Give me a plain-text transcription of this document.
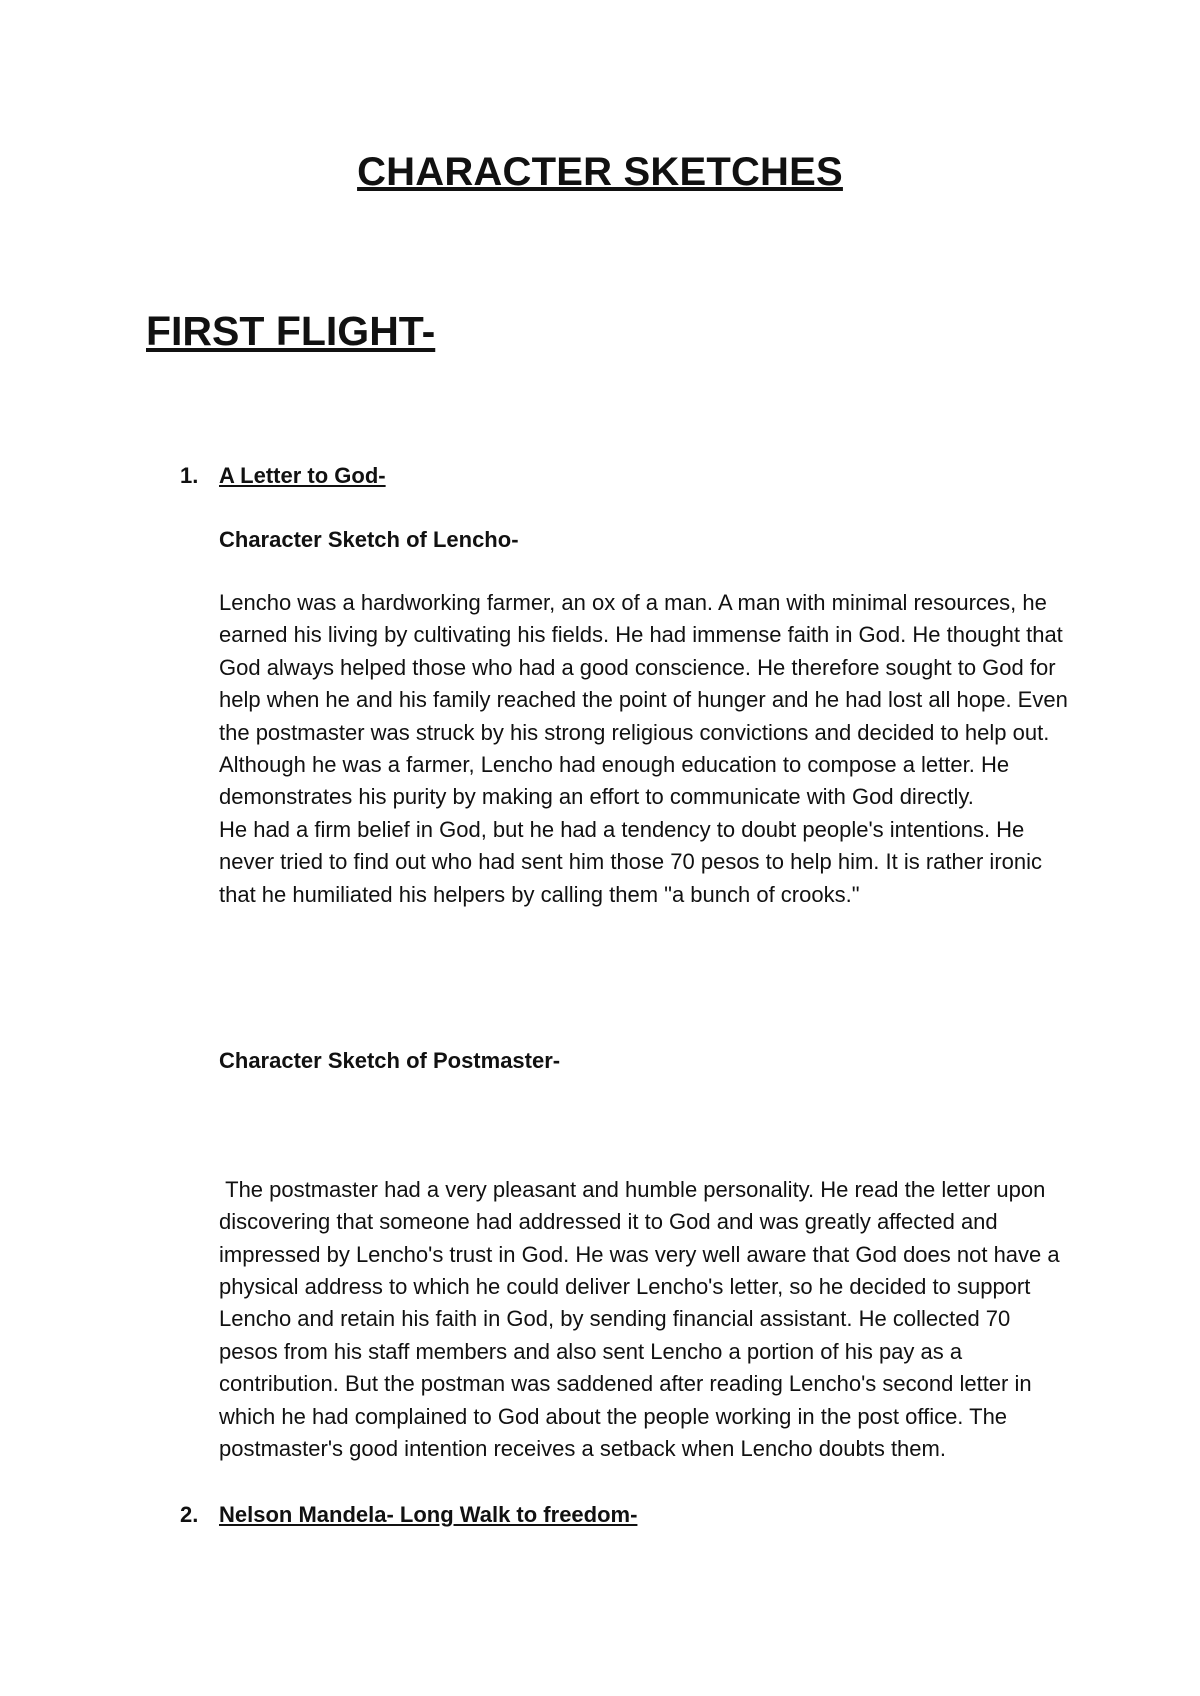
CHARACTER SKETCHES
FIRST FLIGHT-
1. A Letter to God-
Character Sketch of Lencho-

Lencho was a hardworking farmer, an ox of a man. A man with minimal resources, he earned his living by cultivating his fields. He had immense faith in God. He thought that God always helped those who had a good conscience. He therefore sought to God for help when he and his family reached the point of hunger and he had lost all hope. Even the postmaster was struck by his strong religious convictions and decided to help out. Although he was a farmer, Lencho had enough education to compose a letter. He demonstrates his purity by making an effort to communicate with God directly.

He had a firm belief in God, but he had a tendency to doubt people's intentions. He never tried to find out who had sent him those 70 pesos to help him. It is rather ironic that he humiliated his helpers by calling them "a bunch of crooks."

Character Sketch of Postmaster-

The postmaster had a very pleasant and humble personality. He read the letter upon discovering that someone had addressed it to God and was greatly affected and impressed by Lencho's trust in God. He was very well aware that God does not have a physical address to which he could deliver Lencho's letter, so he decided to support Lencho and retain his faith in God, by sending financial assistant. He collected 70 pesos from his staff members and also sent Lencho a portion of his pay as a contribution. But the postman was saddened after reading Lencho's second letter in which he had complained to God about the people working in the post office. The postmaster's good intention receives a setback when Lencho doubts them.

2. Nelson Mandela- Long Walk to freedom-
